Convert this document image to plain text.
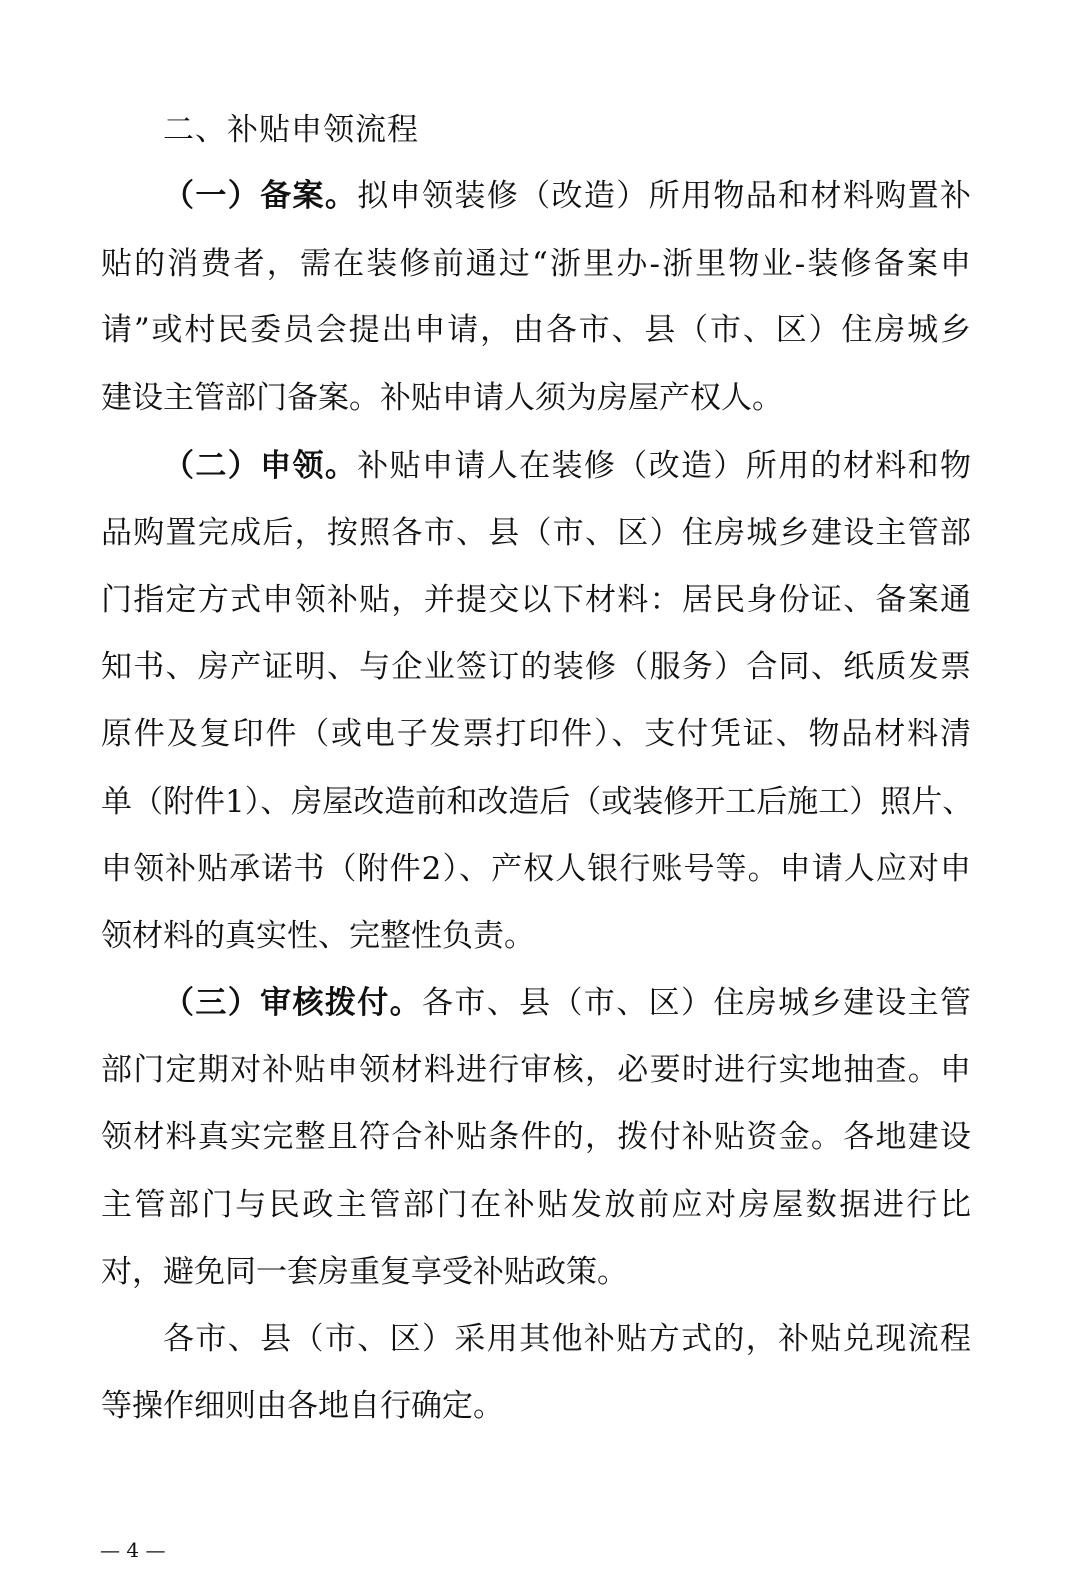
二、补贴申领流程
（一）备案。拟申领装修（改造）所用物品和材料购置补
贴的消费者，需在装修前通过“浙里办-浙里物业-装修备案申
请”或村民委员会提出申请，由各市、县（市、区）住房城乡
建设主管部门备案。补贴申请人须为房屋产权人。
（二）申领。补贴申请人在装修（改造）所用的材料和物
品购置完成后，按照各市、县（市、区）住房城乡建设主管部
门指定方式申领补贴，并提交以下材料：居民身份证、备案通
知书、房产证明、与企业签订的装修（服务）合同、纸质发票
原件及复印件（或电子发票打印件）、支付凭证、物品材料清
单（附件1）、房屋改造前和改造后（或装修开工后施工）照片、
申领补贴承诺书（附件2）、产权人银行账号等。申请人应对申
领材料的真实性、完整性负责。
（三）审核拨付。各市、县（市、区）住房城乡建设主管
部门定期对补贴申领材料进行审核，必要时进行实地抽查。申
领材料真实完整且符合补贴条件的，拨付补贴资金。各地建设
主管部门与民政主管部门在补贴发放前应对房屋数据进行比
对，避免同一套房重复享受补贴政策。
各市、县（市、区）采用其他补贴方式的，补贴兑现流程
等操作细则由各地自行确定。
— 4 —
